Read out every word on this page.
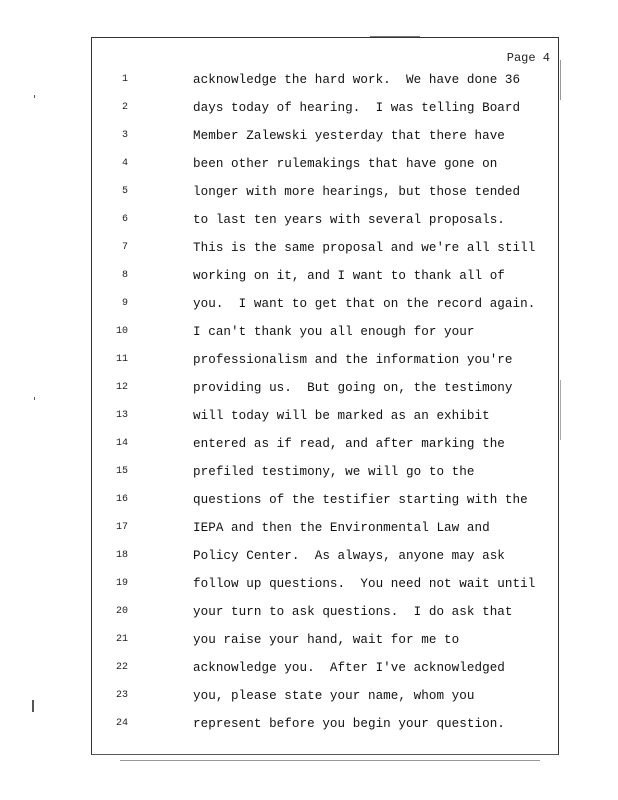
Page 4
1	acknowledge the hard work.  We have done 36
2	days today of hearing.  I was telling Board
3	Member Zalewski yesterday that there have
4	been other rulemakings that have gone on
5	longer with more hearings, but those tended
6	to last ten years with several proposals.
7	This is the same proposal and we're all still
8	working on it, and I want to thank all of
9	you.  I want to get that on the record again.
10	I can't thank you all enough for your
11	professionalism and the information you're
12	providing us.  But going on, the testimony
13	will today will be marked as an exhibit
14	entered as if read, and after marking the
15	prefiled testimony, we will go to the
16	questions of the testifier starting with the
17	IEPA and then the Environmental Law and
18	Policy Center.  As always, anyone may ask
19	follow up questions.  You need not wait until
20	your turn to ask questions.  I do ask that
21	you raise your hand, wait for me to
22	acknowledge you.  After I've acknowledged
23	you, please state your name, whom you
24	represent before you begin your question.
